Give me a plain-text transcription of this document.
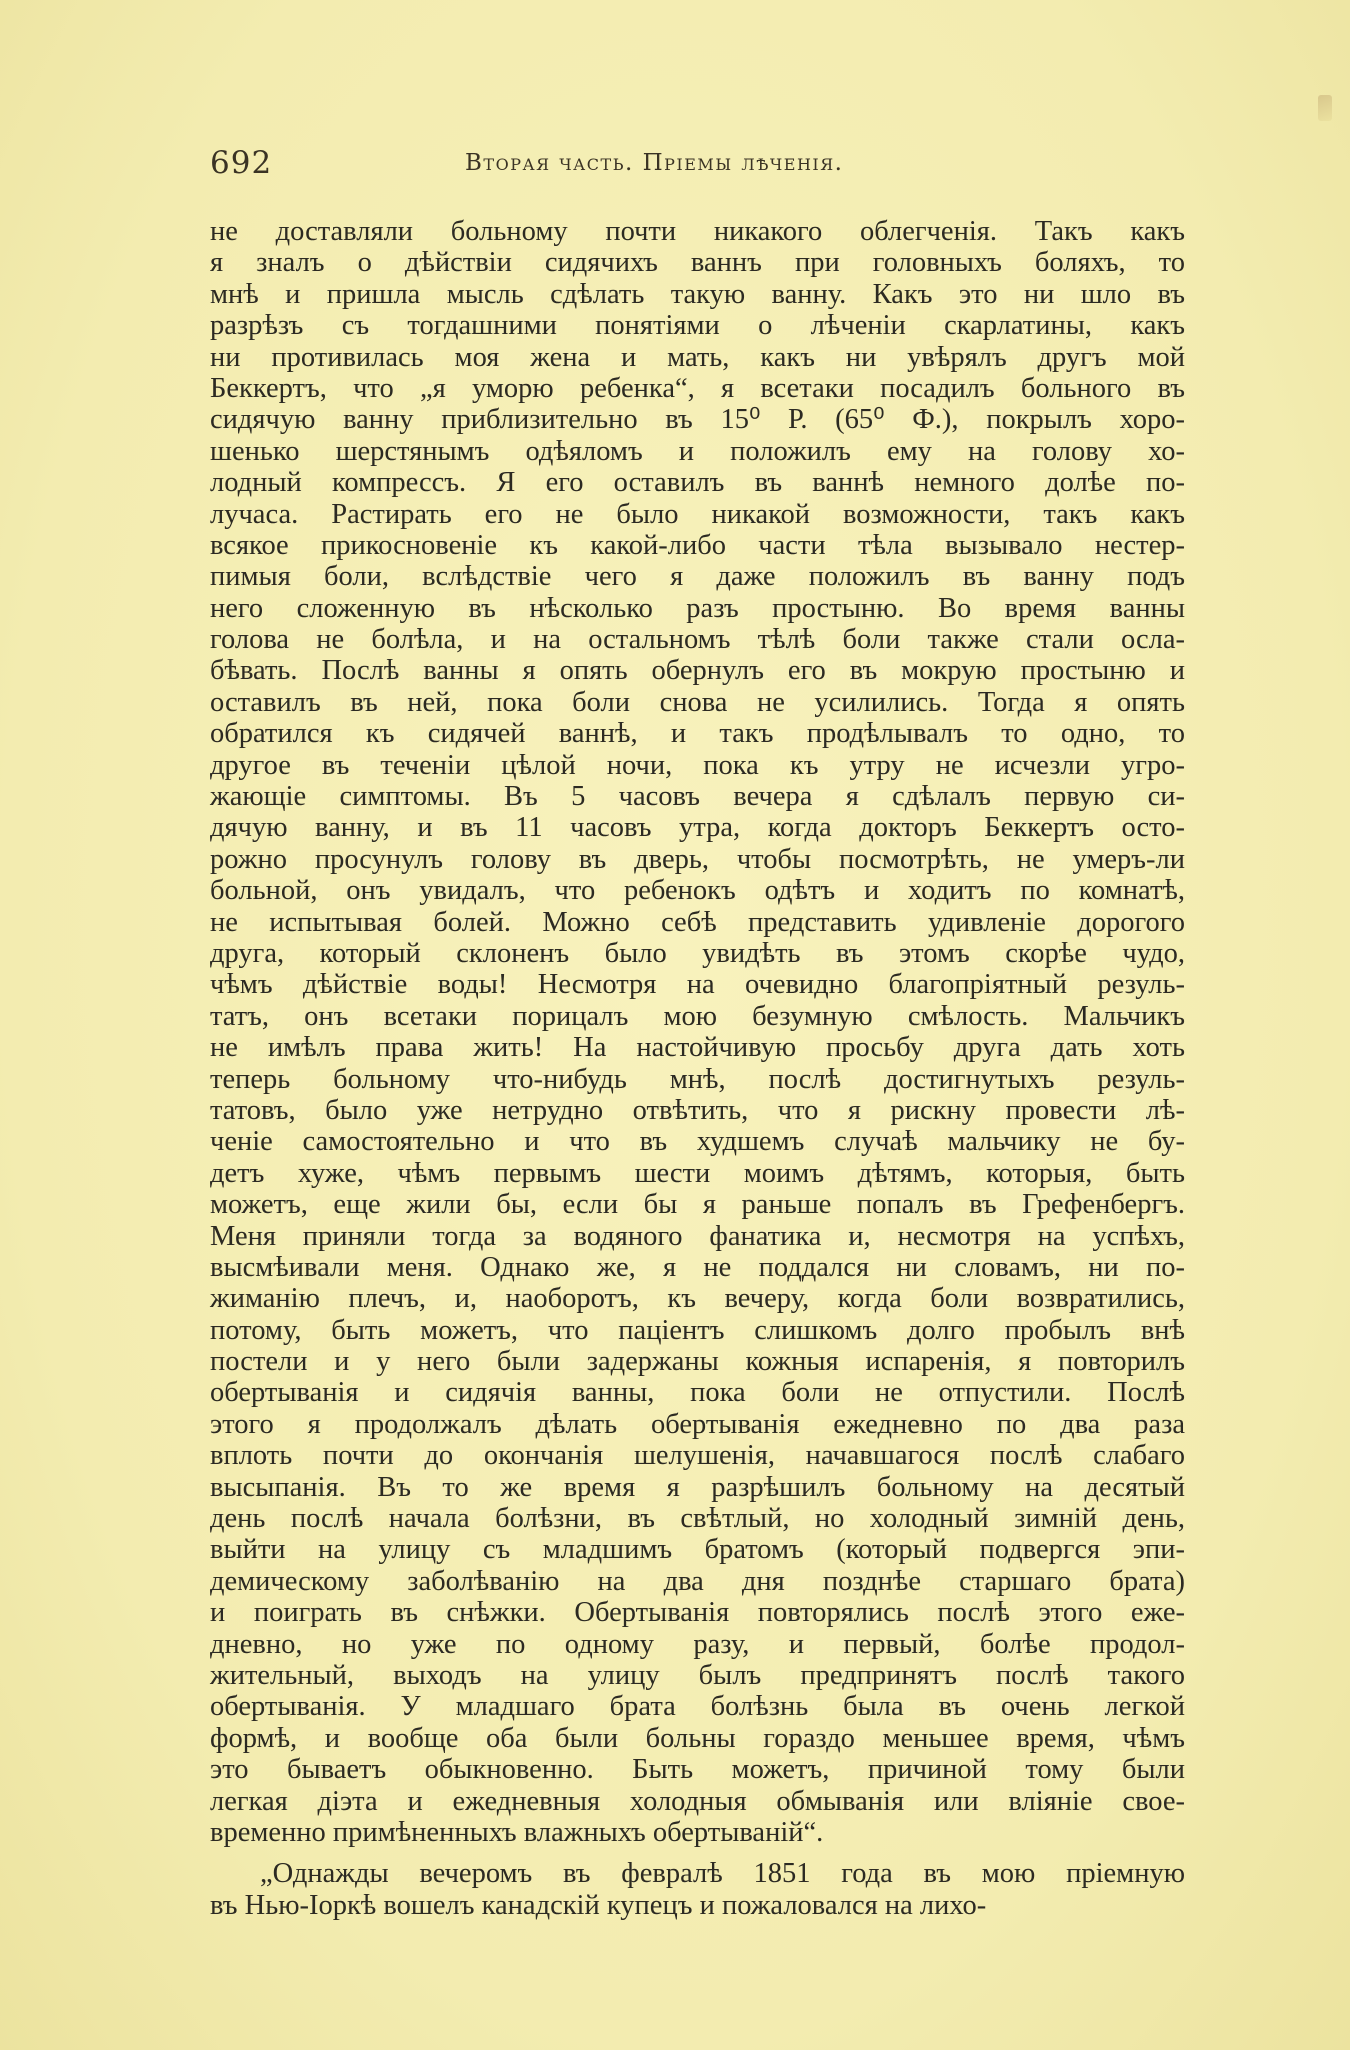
692	Вторая часть. Пріемы лѣченія.
не доставляли больному почти никакого облегченія. Такъ какъ
я зналъ о дѣйствіи сидячихъ ваннъ при головныхъ боляхъ, то
мнѣ и пришла мысль сдѣлать такую ванну. Какъ это ни шло въ
разрѣзъ съ тогдашними понятіями о лѣченіи скарлатины, какъ
ни противилась моя жена и мать, какъ ни увѣрялъ другъ мой
Беккертъ, что „я уморю ребенка“, я всетаки посадилъ больного въ
сидячую ванну приблизительно въ 15⁰ Р. (65⁰ Ф.), покрылъ хоро-
шенько шерстянымъ одѣяломъ и положилъ ему на голову хо-
лодный компрессъ. Я его оставилъ въ ваннѣ немного долѣе по-
лучаса. Растирать его не было никакой возможности, такъ какъ
всякое прикосновеніе къ какой-либо части тѣла вызывало нестер-
пимыя боли, вслѣдствіе чего я даже положилъ въ ванну подъ
него сложенную въ нѣсколько разъ простыню. Во время ванны
голова не болѣла, и на остальномъ тѣлѣ боли также стали осла-
бѣвать. Послѣ ванны я опять обернулъ его въ мокрую простыню и
оставилъ въ ней, пока боли снова не усилились. Тогда я опять
обратился къ сидячей ваннѣ, и такъ продѣлывалъ то одно, то
другое въ теченіи цѣлой ночи, пока къ утру не исчезли угро-
жающіе симптомы. Въ 5 часовъ вечера я сдѣлалъ первую си-
дячую ванну, и въ 11 часовъ утра, когда докторъ Беккертъ осто-
рожно просунулъ голову въ дверь, чтобы посмотрѣть, не умеръ-ли
больной, онъ увидалъ, что ребенокъ одѣтъ и ходитъ по комнатѣ,
не испытывая болей. Можно себѣ представить удивленіе дорогого
друга, который склоненъ было увидѣть въ этомъ скорѣе чудо,
чѣмъ дѣйствіе воды! Несмотря на очевидно благопріятный резуль-
татъ, онъ всетаки порицалъ мою безумную смѣлость. Мальчикъ
не имѣлъ права жить! На настойчивую просьбу друга дать хоть
теперь больному что-нибудь мнѣ, послѣ достигнутыхъ резуль-
татовъ, было уже нетрудно отвѣтить, что я рискну провести лѣ-
ченіе самостоятельно и что въ худшемъ случаѣ мальчику не бу-
детъ хуже, чѣмъ первымъ шести моимъ дѣтямъ, которыя, быть
можетъ, еще жили бы, если бы я раньше попалъ въ Грефенбергъ.
Меня приняли тогда за водяного фанатика и, несмотря на успѣхъ,
высмѣивали меня. Однако же, я не поддался ни словамъ, ни по-
жиманію плечъ, и, наоборотъ, къ вечеру, когда боли возвратились,
потому, быть можетъ, что паціентъ слишкомъ долго пробылъ внѣ
постели и у него были задержаны кожныя испаренія, я повторилъ
обертыванія и сидячія ванны, пока боли не отпустили. Послѣ
этого я продолжалъ дѣлать обертыванія ежедневно по два раза
вплоть почти до окончанія шелушенія, начавшагося послѣ слабаго
высыпанія. Въ то же время я разрѣшилъ больному на десятый
день послѣ начала болѣзни, въ свѣтлый, но холодный зимній день,
выйти на улицу съ младшимъ братомъ (который подвергся эпи-
демическому заболѣванію на два дня позднѣе старшаго брата)
и поиграть въ снѣжки. Обертыванія повторялись послѣ этого еже-
дневно, но уже по одному разу, и первый, болѣе продол-
жительный, выходъ на улицу былъ предпринятъ послѣ такого
обертыванія. У младшаго брата болѣзнь была въ очень легкой
формѣ, и вообще оба были больны гораздо меньшее время, чѣмъ
это бываетъ обыкновенно. Быть можетъ, причиной тому были
легкая діэта и ежедневныя холодныя обмыванія или вліяніе свое-
временно примѣненныхъ влажныхъ обертываній“.
„Однажды вечеромъ въ февралѣ 1851 года въ мою пріемную
въ Нью-Іоркѣ вошелъ канадскій купецъ и пожаловался на лихо-
